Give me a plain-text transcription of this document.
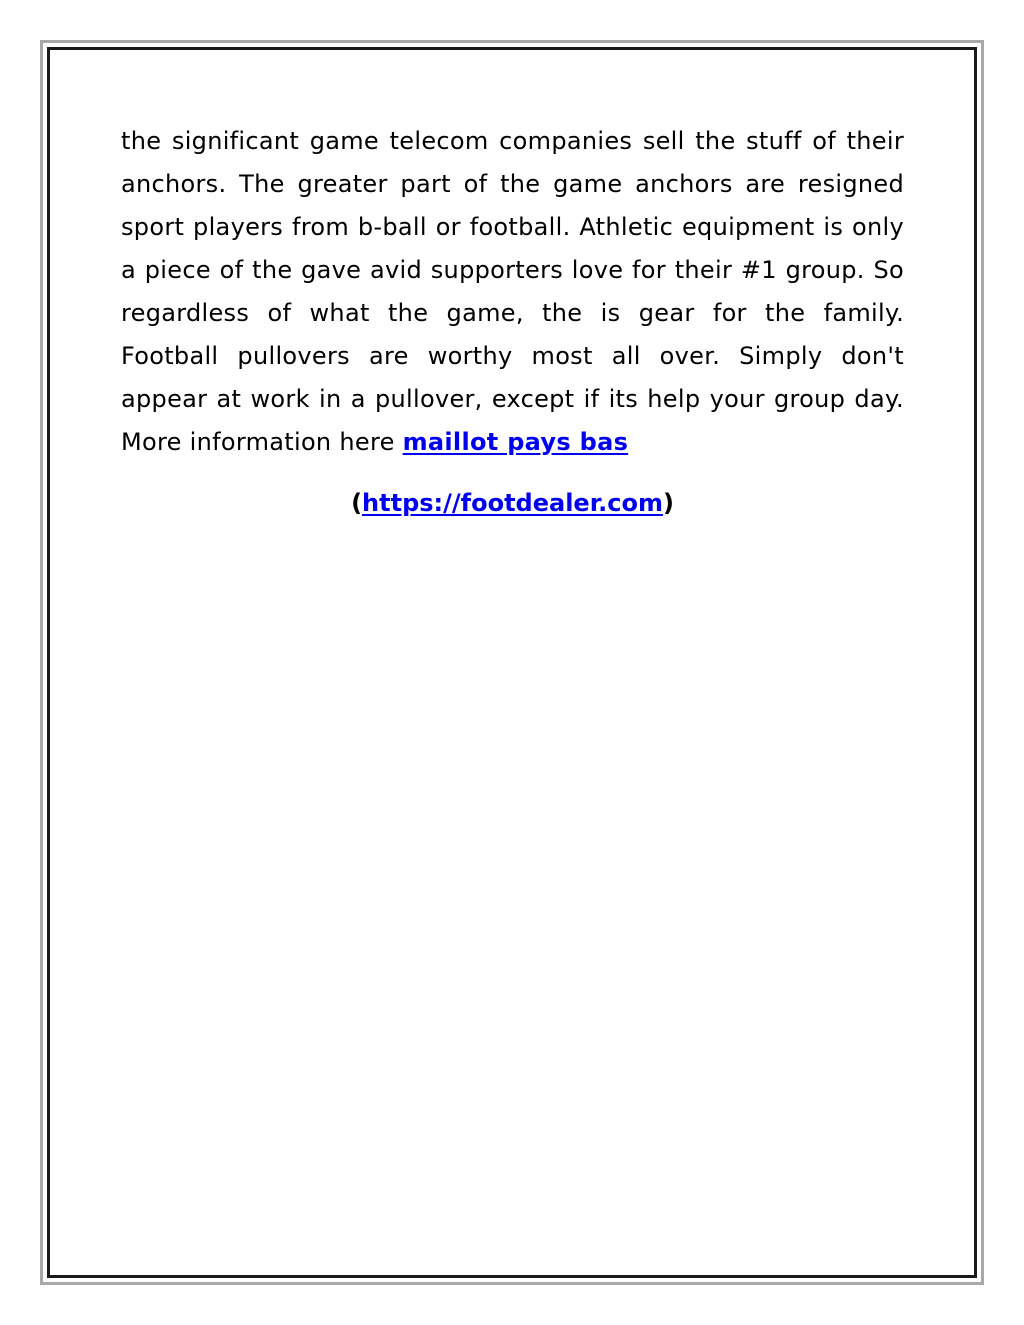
the significant game telecom companies sell the stuff of their anchors. The greater part of the game anchors are resigned sport players from b-ball or football. Athletic equipment is only a piece of the gave avid supporters love for their #1 group. So regardless of what the game, the is gear for the family. Football pullovers are worthy most all over. Simply don't appear at work in a pullover, except if its help your group day. More information here maillot pays bas

(https://footdealer.com)
